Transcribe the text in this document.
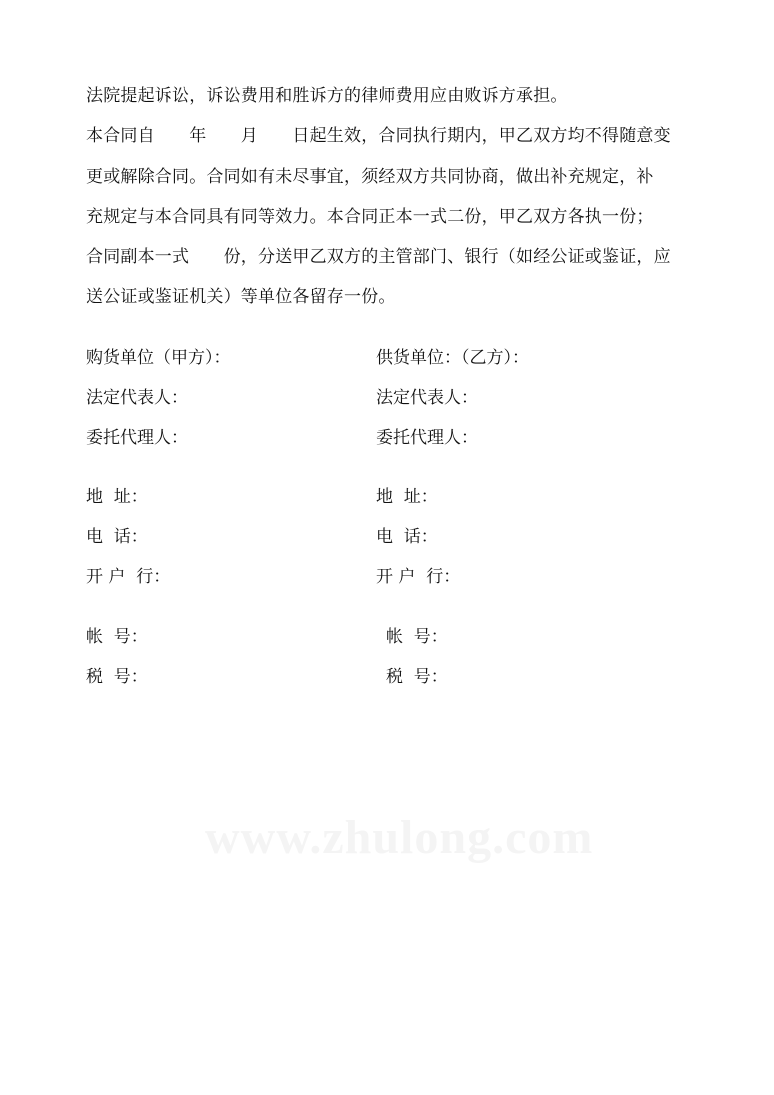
法院提起诉讼，诉讼费用和胜诉方的律师费用应由败诉方承担。
本合同自　　年　　月　　日起生效，合同执行期内，甲乙双方均不得随意变
更或解除合同。合同如有未尽事宜，须经双方共同协商，做出补充规定，补
充规定与本合同具有同等效力。本合同正本一式二份，甲乙双方各执一份；
合同副本一式　　份，分送甲乙双方的主管部门、银行（如经公证或鉴证，应
送公证或鉴证机关）等单位各留存一份。
购货单位（甲方）：
法定代表人：
委托代理人：
地  址：
电  话：
开 户  行：
帐  号：
税  号：
供货单位：（乙方）：
法定代表人：
委托代理人：
地  址：
电  话：
开 户  行：
帐  号：
税  号：
www.zhulong.com
